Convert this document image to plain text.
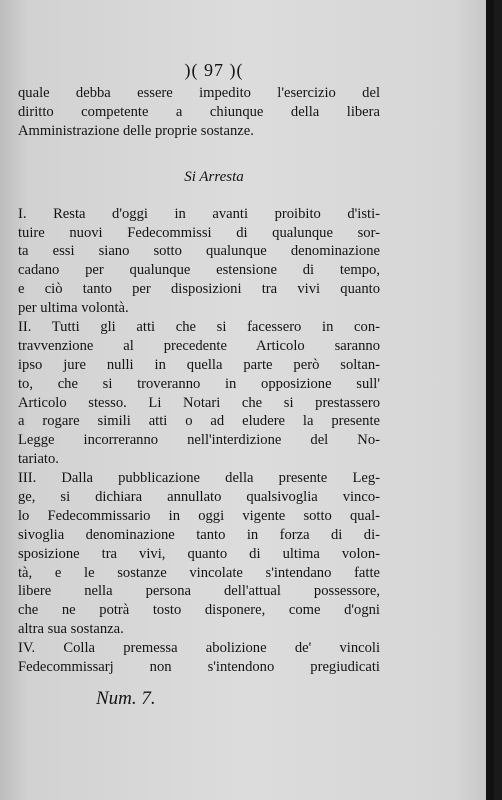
)( 97 )(
quale debba essere impedito l'esercizio del
diritto competente a chiunque della libera
Amministrazione delle proprie sostanze.
Si Arresta
I. Resta d'oggi in avanti proibito d'isti-
tuire nuovi Fedecommissi di qualunque sor-
ta essi siano sotto qualunque denominazione
cadano per qualunque estensione di tempo,
e ciò tanto per disposizioni tra vivi quanto
per ultima volontà.
II. Tutti gli atti che si facessero in con-
travvenzione al precedente Articolo saranno
ipso jure nulli in quella parte però soltan-
to, che si troveranno in opposizione sull'
Articolo stesso. Li Notari che si prestassero
a rogare simili atti o ad eludere la presente
Legge incorreranno nell'interdizione del No-
tariato.
III. Dalla pubblicazione della presente Leg-
ge, si dichiara annullato qualsivoglia vinco-
lo Fedecommissario in oggi vigente sotto qual-
sivoglia denominazione tanto in forza di di-
sposizione tra vivi, quanto di ultima volon-
tà, e le sostanze vincolate s'intendano fatte
libere nella persona dell'attual possessore,
che ne potrà tosto disponere, come d'ogni
altra sua sostanza.
IV. Colla premessa abolizione de' vincoli
Fedecommissarj non s'intendono pregiudicati
Num. 7.
